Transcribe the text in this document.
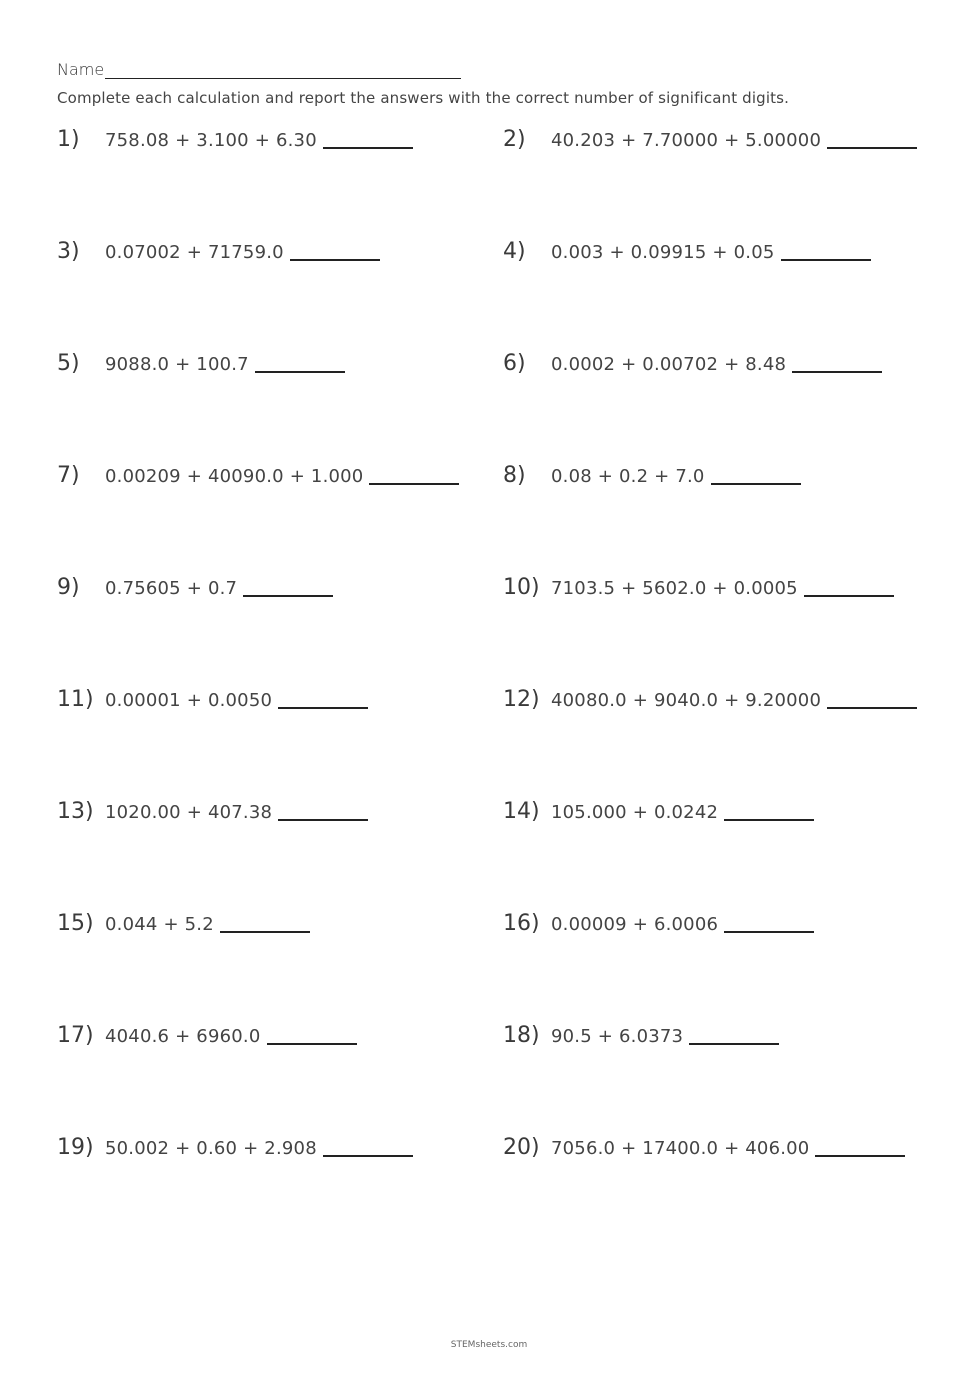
Name
Complete each calculation and report the answers with the correct number of significant digits.
1)	758.08 + 3.100 + 6.30	2)	40.203 + 7.70000 + 5.00000
3)	0.07002 + 71759.0	4)	0.003 + 0.09915 + 0.05
5)	9088.0 + 100.7	6)	0.0002 + 0.00702 + 8.48
7)	0.00209 + 40090.0 + 1.000	8)	0.08 + 0.2 + 7.0
9)	0.75605 + 0.7	10) 7103.5 + 5602.0 + 0.0005
11) 0.00001 + 0.0050	12) 40080.0 + 9040.0 + 9.20000
13) 1020.00 + 407.38	14) 105.000 + 0.0242
15) 0.044 + 5.2	16) 0.00009 + 6.0006
17) 4040.6 + 6960.0	18) 90.5 + 6.0373
19) 50.002 + 0.60 + 2.908	20) 7056.0 + 17400.0 + 406.00
STEMsheets.com
